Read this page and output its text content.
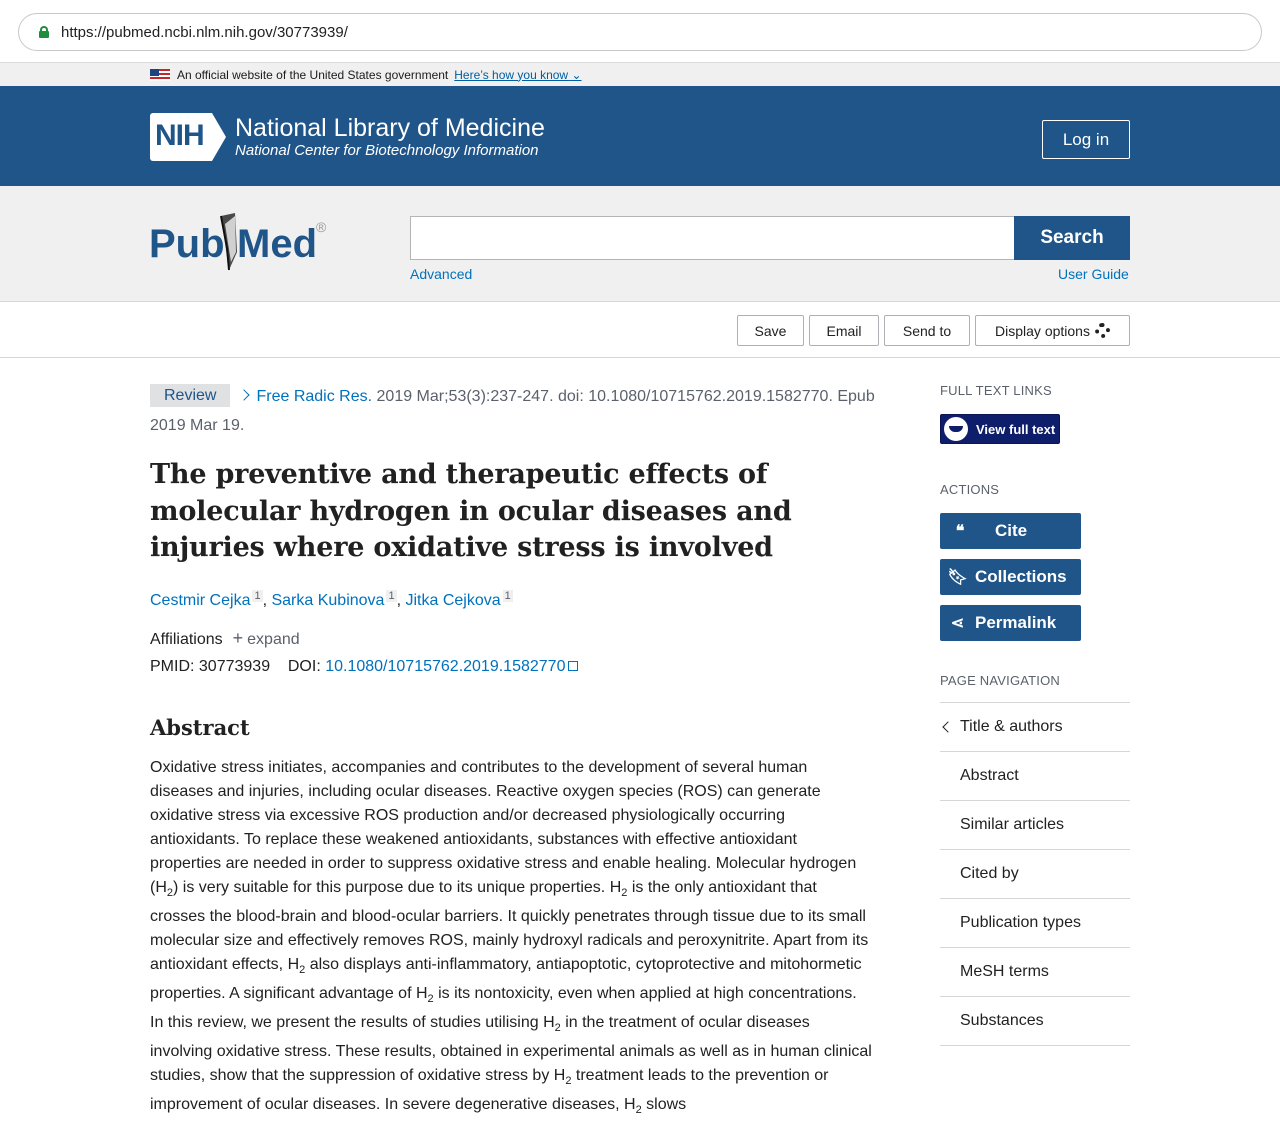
https://pubmed.ncbi.nlm.nih.gov/30773939/
An official website of the United States government Here’s how you know ⌄
NIH National Library of Medicine
National Center for Biotechnology Information
Log in
Pub Med ®	Search
Advanced	User Guide
Save	Email	Send to	Display options
Review	Free Radic Res. 2019 Mar;53(3):237-247. doi: 10.1080/10715762.2019.1582770. Epub 2019 Mar 19.
The preventive and therapeutic effects of molecular hydrogen in ocular diseases and injuries where oxidative stress is involved
Cestmir Cejka $^1$ , Sarka Kubinova $^1$ , Jitka Cejkova $^1$
Affiliations + expand
PMID: 30773939 DOI: 10.1080/10715762.2019.1582770
Abstract

Oxidative stress initiates, accompanies and contributes to the development of several human diseases and injuries, including ocular diseases. Reactive oxygen species (ROS) can generate oxidative stress via excessive ROS production and/or decreased physiologically occurring antioxidants. To replace these weakened antioxidants, substances with effective antioxidant properties are needed in order to suppress oxidative stress and enable healing. Molecular hydrogen $(H_2)$ is very suitable for this purpose due to its unique properties. $H_2$ is the only antioxidant that crosses the blood-brain and blood-ocular barriers. It quickly penetrates through tissue due to its small molecular size and effectively removes ROS, mainly hydroxyl radicals and peroxynitrite. Apart from its antioxidant effects, $H_2$ also displays anti-inflammatory, antiapoptotic, cytoprotective and mitohormetic properties. A significant advantage of $H_2$ is its nontoxicity, even when applied at high concentrations. In this review, we present the results of studies utilising $H_2$ in the treatment of ocular diseases involving oxidative stress. These results, obtained in experimental animals as well as in human clinical studies, show that the suppression of oxidative stress by $H_2$ treatment leads to the prevention or improvement of ocular diseases. In severe degenerative diseases, $H_2$ slows

FULL TEXT LINKS
View full text
ACTIONS
❝	Cite
🔖︎ Collections
⋖ Permalink
PAGE NAVIGATION
Title & authors
Abstract
Similar articles
Cited by
Publication types
MeSH terms
Substances
